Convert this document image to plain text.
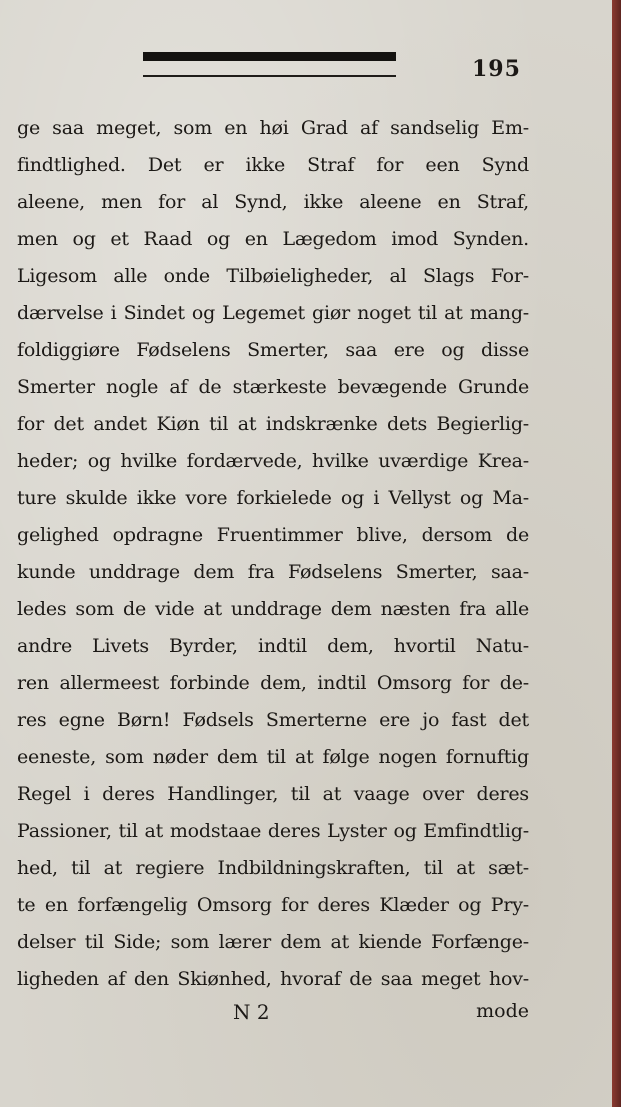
195
ge saa meget, som en høi Grad af sandselig Em-
findtlighed. Det er ikke Straf for een Synd
aleene, men for al Synd, ikke aleene en Straf,
men og et Raad og en Lægedom imod Synden.
Ligesom alle onde Tilbøieligheder, al Slags For-
dærvelse i Sindet og Legemet giør noget til at mang-
foldiggiøre Fødselens Smerter, saa ere og disse
Smerter nogle af de stærkeste bevægende Grunde
for det andet Kiøn til at indskrænke dets Begierlig-
heder; og hvilke fordærvede, hvilke uværdige Krea-
ture skulde ikke vore forkielede og i Vellyst og Ma-
gelighed opdragne Fruentimmer blive, dersom de
kunde unddrage dem fra Fødselens Smerter, saa-
ledes som de vide at unddrage dem næsten fra alle
andre Livets Byrder, indtil dem, hvortil Natu-
ren allermeest forbinde dem, indtil Omsorg for de-
res egne Børn! Fødsels Smerterne ere jo fast det
eeneste, som nøder dem til at følge nogen fornuftig
Regel i deres Handlinger, til at vaage over deres
Passioner, til at modstaae deres Lyster og Emfindtlig-
hed, til at regiere Indbildningskraften, til at sæt-
te en forfængelig Omsorg for deres Klæder og Pry-
delser til Side; som lærer dem at kiende Forfænge-
ligheden af den Skiønhed, hvoraf de saa meget hov-
N 2	mode
